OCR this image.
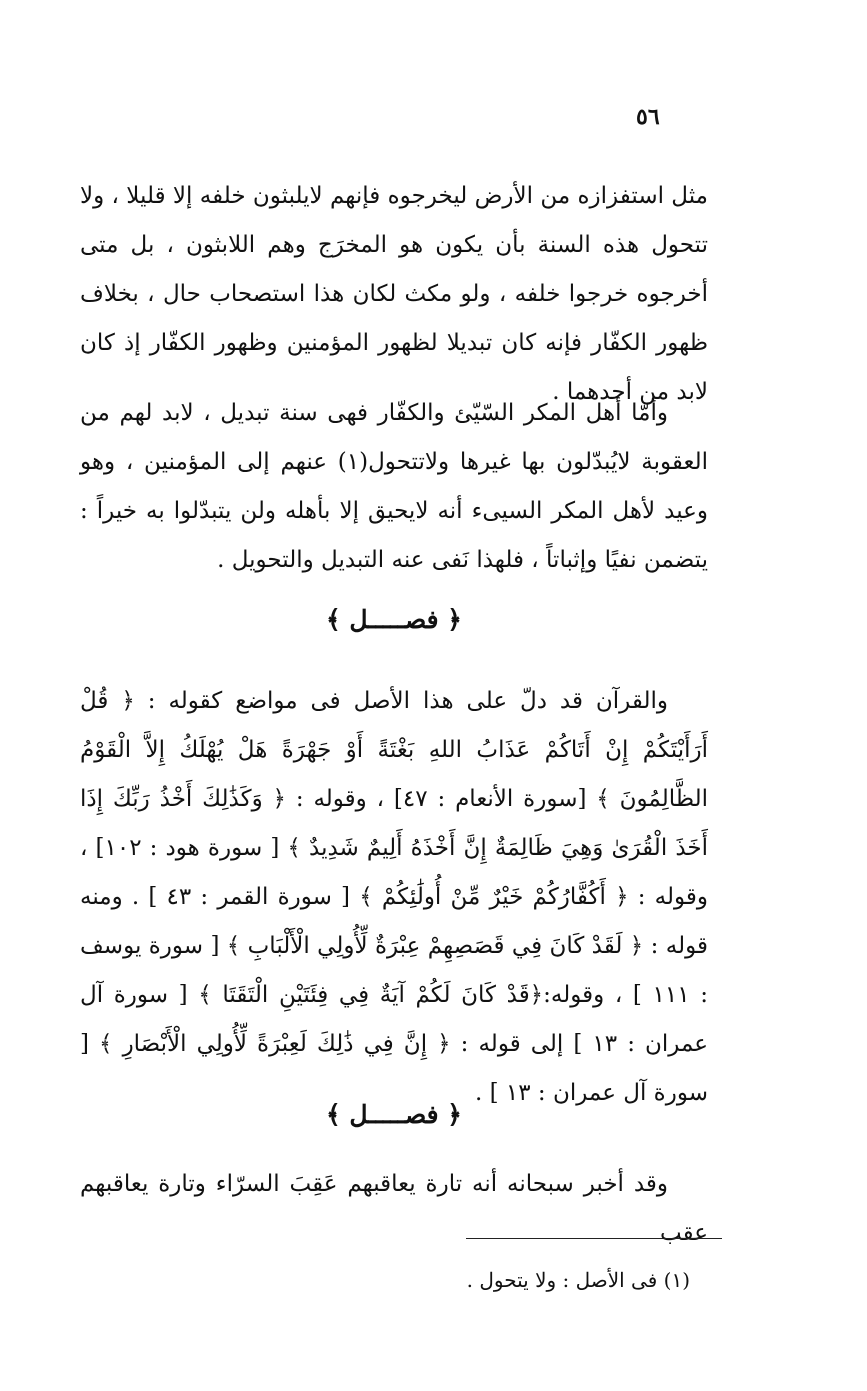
٥٦

مثل استفزازه من الأرض ليخرجوه فإنهم لايلبثون خلفه إلا قليلا ، ولا تتحول هذه السنة بأن يكون هو المخرَج وهم اللابثون ، بل متى أخرجوه خرجوا خلفه ، ولو مكث لكان هذا استصحاب حال ، بخلاف ظهور الكفّار فإنه كان تبديلا لظهور المؤمنين وظهور الكفّار إذ كان لابد من أحدهما .

وأمّا أهل المكر السّيّئ والكفّار فهى سنة تبديل ، لابد لهم من العقوبة لايُبدّلون بها غيرها ولاتتحول(١) عنهم إلى المؤمنين ، وهو وعيد لأهل المكر السيىء أنه لايحيق إلا بأهله ولن يتبدّلوا به خيراً : يتضمن نفيًا وإثباتاً ، فلهذا نَفى عنه التبديل والتحويل .

﴿ فصـــــل ﴾

والقرآن قد دلّ على هذا الأصل فى مواضع كقوله : ﴿ قُلْ أَرَأَيْتَكُمْ إِنْ أَتَاكُمْ عَذَابُ اللهِ بَغْتَةً أَوْ جَهْرَةً هَلْ يُهْلَكُ إِلاَّ الْقَوْمُ الظَّالِمُونَ ﴾ [سورة الأنعام : ٤٧] ، وقوله : ﴿ وَكَذَٰلِكَ أَخْذُ رَبِّكَ إِذَا أَخَذَ الْقُرَىٰ وَهِيَ ظَالِمَةٌ إِنَّ أَخْذَهُ أَلِيمٌ شَدِيدٌ ﴾ [ سورة هود : ١٠٢] ، وقوله : ﴿ أَكُفَّارُكُمْ خَيْرٌ مِّنْ أُولَٰئِكُمْ ﴾ [ سورة القمر : ٤٣ ] . ومنه قوله : ﴿ لَقَدْ كَانَ فِي قَصَصِهِمْ عِبْرَةٌ لِّأُولِي الْأَلْبَابِ ﴾ [ سورة يوسف : ١١١ ] ، وقوله:﴿قَدْ كَانَ لَكُمْ آيَةٌ فِي فِئَتَيْنِ الْتَقَتَا ﴾ [ سورة آل عمران : ١٣ ] إلى قوله : ﴿ إِنَّ فِي ذَٰلِكَ لَعِبْرَةً لِّأُولِي الْأَبْصَارِ ﴾ [ سورة آل عمران : ١٣ ] .

﴿ فصـــــل ﴾

وقد أخبر سبحانه أنه تارة يعاقبهم عَقِبَ السرّاء وتارة يعاقبهم عقب

(١) فى الأصل : ولا يتحول .
